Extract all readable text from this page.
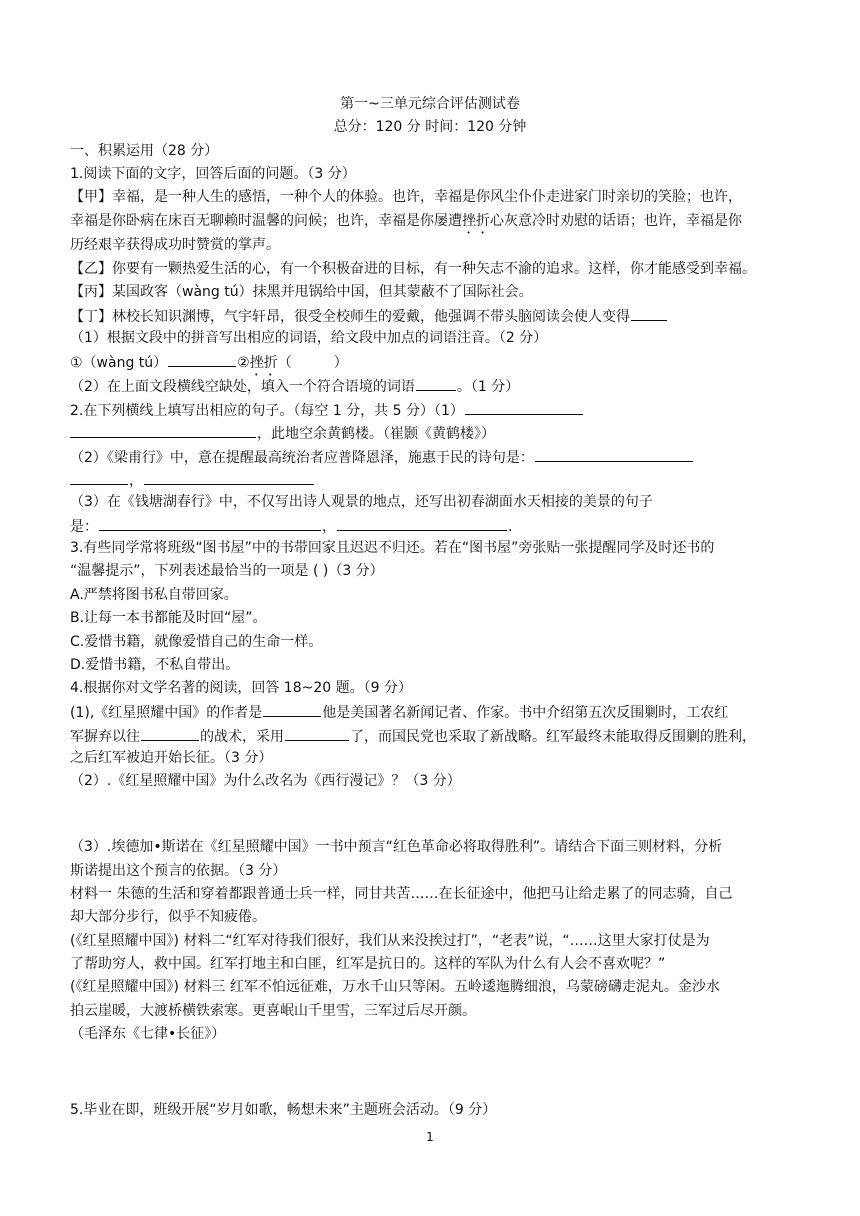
第一~三单元综合评估测试卷
总分：120 分 时间：120 分钟
一、积累运用（28 分）
1.阅读下面的文字，回答后面的问题。（3 分）
【甲】幸福，是一种人生的感悟，一种个人的体验。也许，幸福是你风尘仆仆走进家门时亲切的笑脸；也许，
幸福是你卧病在床百无聊赖时温馨的问候；也许，幸福是你屡遭挫折心灰意冷时劝慰的话语；也许，幸福是你
历经艰辛获得成功时赞赏的掌声。
【乙】你要有一颗热爱生活的心，有一个积极奋进的目标，有一种矢志不渝的追求。这样，你才能感受到幸福。
【丙】某国政客（wàng tú）抹黑并甩锅给中国，但其蒙蔽不了国际社会。
【丁】林校长知识渊博，气宇轩昂，很受全校师生的爱戴，他强调不带头脑阅读会使人变得
（1）根据文段中的拼音写出相应的词语，给文段中加点的词语注音。（2 分）
①（wàng tú）	②挫折（	）
（2）在上面文段横线空缺处，填入一个符合语境的词语	。（1 分）
2.在下列横线上填写出相应的句子。（每空 1 分，共 5 分）（1）
，此地空余黄鹤楼。（崔颢《黄鹤楼》）
（2）《梁甫行》中，意在提醒最高统治者应普降恩泽，施惠于民的诗句是：
，
（3）在《钱塘湖春行》中，不仅写出诗人观景的地点，还写出初春湖面水天相接的美景的句子
是：	，	.
3.有些同学常将班级“图书屋”中的书带回家且迟迟不归还。若在“图书屋”旁张贴一张提醒同学及时还书的
“温馨提示”，下列表述最恰当的一项是 ( )（3 分）
A.严禁将图书私自带回家。
B.让每一本书都能及时回“屋”。
C.爱惜书籍，就像爱惜自己的生命一样。
D.爱惜书籍，不私自带出。
4.根据你对文学名著的阅读，回答 18~20 题。（9 分）
(1),《红星照耀中国》的作者是	他是美国著名新闻记者、作家。书中介绍第五次反围剿时，工农红
军摒弃以往	的战术，采用	了，而国民党也采取了新战略。红军最终未能取得反围剿的胜利，
之后红军被迫开始长征。（3 分）
（2）.《红星照耀中国》为什么改名为《西行漫记》？（3 分）
（3）.埃德加•斯诺在《红星照耀中国》一书中预言“红色革命必将取得胜利”。请结合下面三则材料，分析
斯诺提出这个预言的依据。（3 分）
材料一 朱德的生活和穿着都跟普通士兵一样，同甘共苦……在长征途中，他把马让给走累了的同志骑，自己
却大部分步行，似乎不知疲倦。
(《红星照耀中国》) 材料二“红军对待我们很好，我们从来没挨过打”，“老表”说，“……这里大家打仗是为
了帮助穷人，救中国。红军打地主和白匪，红军是抗日的。这样的军队为什么有人会不喜欢呢？”
(《红星照耀中国》) 材料三 红军不怕远征难，万水千山只等闲。五岭逶迤腾细浪，乌蒙磅礴走泥丸。金沙水
拍云崖暖，大渡桥横铁索寒。更喜岷山千里雪，三军过后尽开颜。
（毛泽东《七律•长征》）
5.毕业在即，班级开展“岁月如歌，畅想未来”主题班会活动。（9 分）
1
